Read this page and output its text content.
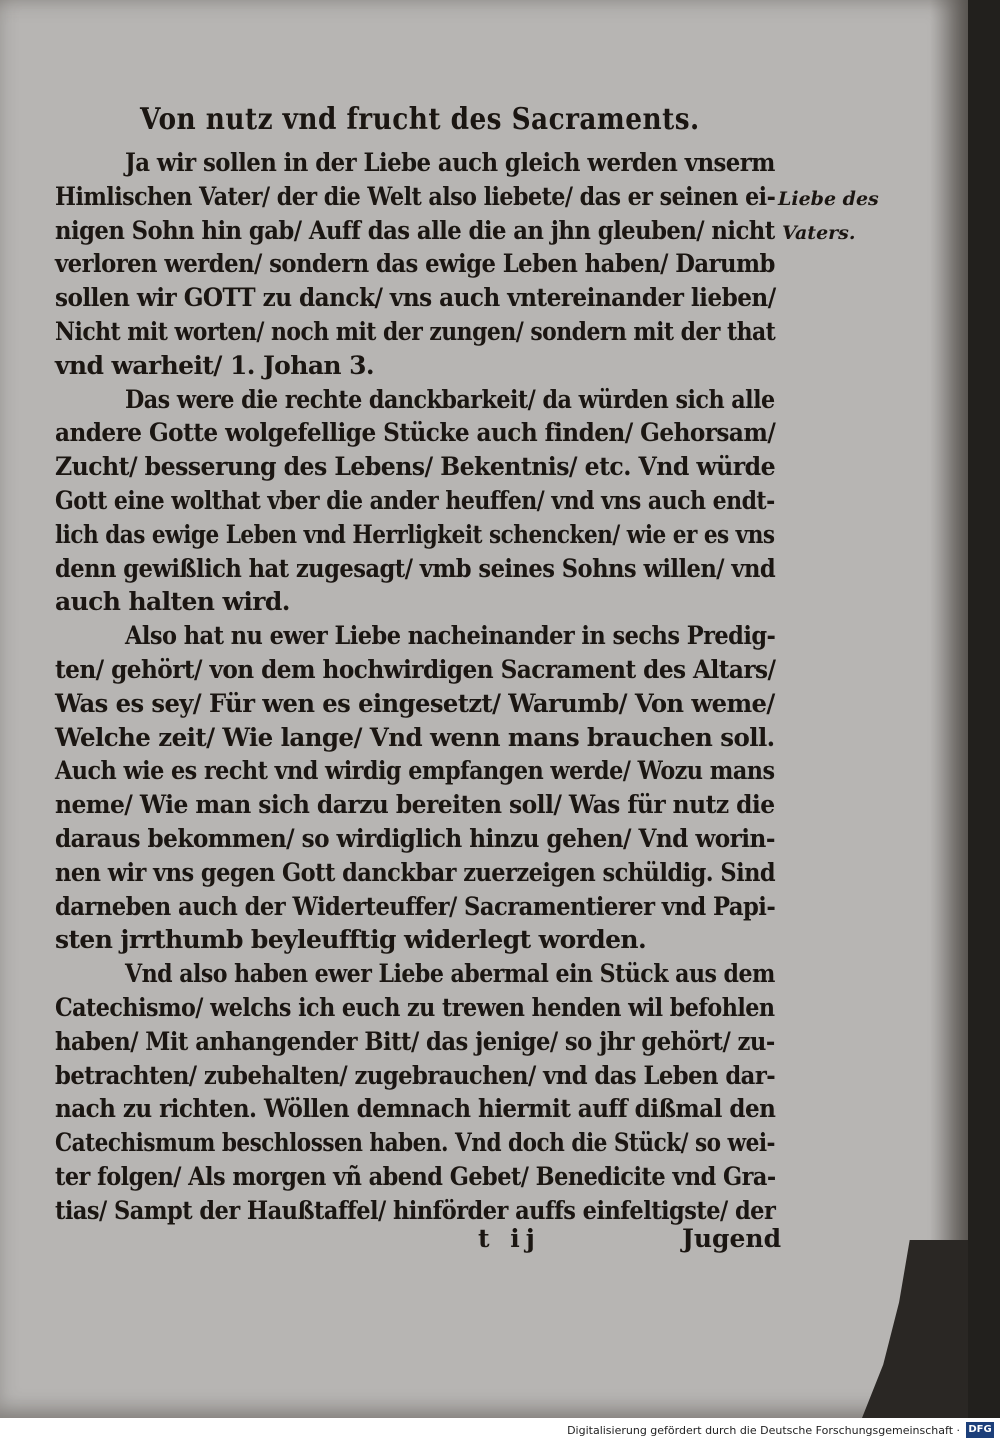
Von nutz vnd frucht des Sacraments.
Ja wir sollen in der Liebe auch gleich werden vnserm
Himlischen Vater/ der die Welt also liebete/ das er seinen ei-
nigen Sohn hin gab/ Auff das alle die an jhn gleuben/ nicht
verloren werden/ sondern das ewige Leben haben/ Darumb
sollen wir GOTT zu danck/ vns auch vntereinander lieben/
Nicht mit worten/ noch mit der zungen/ sondern mit der that
vnd warheit/ 1. Johan 3.
Das were die rechte danckbarkeit/ da würden sich alle
andere Gotte wolgefellige Stücke auch finden/ Gehorsam/
Zucht/ besserung des Lebens/ Bekentnis/ etc. Vnd würde
Gott eine wolthat vber die ander heuffen/ vnd vns auch endt-
lich das ewige Leben vnd Herrligkeit schencken/ wie er es vns
denn gewißlich hat zugesagt/ vmb seines Sohns willen/ vnd
auch halten wird.
Also hat nu ewer Liebe nacheinander in sechs Predig-
ten/ gehört/ von dem hochwirdigen Sacrament des Altars/
Was es sey/ Für wen es eingesetzt/ Warumb/ Von weme/
Welche zeit/ Wie lange/ Vnd wenn mans brauchen soll.
Auch wie es recht vnd wirdig empfangen werde/ Wozu mans
neme/ Wie man sich darzu bereiten soll/ Was für nutz die
daraus bekommen/ so wirdiglich hinzu gehen/ Vnd worin-
nen wir vns gegen Gott danckbar zuerzeigen schüldig. Sind
darneben auch der Widerteuffer/ Sacramentierer vnd Papi-
sten jrrthumb beyleufftig widerlegt worden.
Vnd also haben ewer Liebe abermal ein Stück aus dem
Catechismo/ welchs ich euch zu trewen henden wil befohlen
haben/ Mit anhangender Bitt/ das jenige/ so jhr gehört/ zu-
betrachten/ zubehalten/ zugebrauchen/ vnd das Leben dar-
nach zu richten. Wöllen demnach hiermit auff dißmal den
Catechismum beschlossen haben. Vnd doch die Stück/ so wei-
ter folgen/ Als morgen vñ abend Gebet/ Benedicite vnd Gra-
tias/ Sampt der Haußtaffel/ hinförder auffs einfeltigste/ der
Liebe des
Vaters.
t ij	Jugend
Digitalisierung gefördert durch die Deutsche Forschungsgemeinschaft · DFG
